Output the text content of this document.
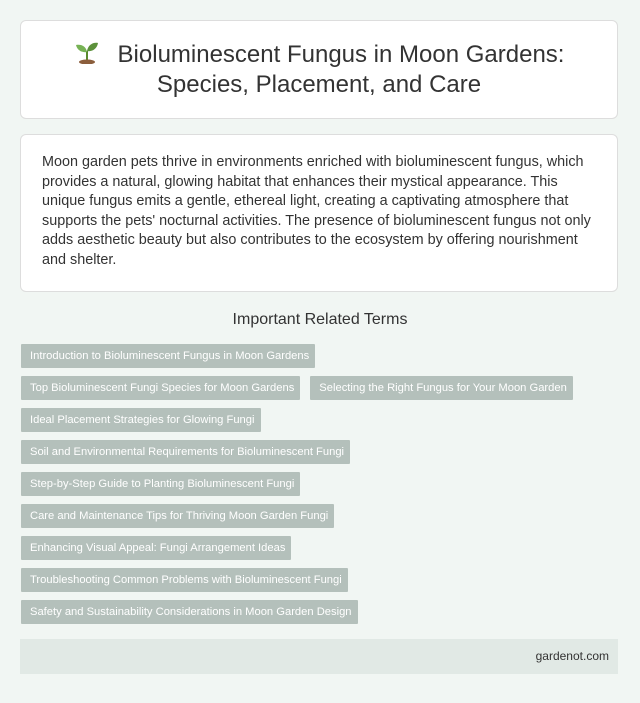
Bioluminescent Fungus in Moon Gardens: Species, Placement, and Care

Moon garden pets thrive in environments enriched with bioluminescent fungus, which provides a natural, glowing habitat that enhances their mystical appearance. This unique fungus emits a gentle, ethereal light, creating a captivating atmosphere that supports the pets' nocturnal activities. The presence of bioluminescent fungus not only adds aesthetic beauty but also contributes to the ecosystem by offering nourishment and shelter.

Important Related Terms
Introduction to Bioluminescent Fungus in Moon Gardens
Top Bioluminescent Fungi Species for Moon Gardens	Selecting the Right Fungus for Your Moon Garden
Ideal Placement Strategies for Glowing Fungi
Soil and Environmental Requirements for Bioluminescent Fungi
Step-by-Step Guide to Planting Bioluminescent Fungi
Care and Maintenance Tips for Thriving Moon Garden Fungi
Enhancing Visual Appeal: Fungi Arrangement Ideas
Troubleshooting Common Problems with Bioluminescent Fungi
Safety and Sustainability Considerations in Moon Garden Design
gardenot.com
